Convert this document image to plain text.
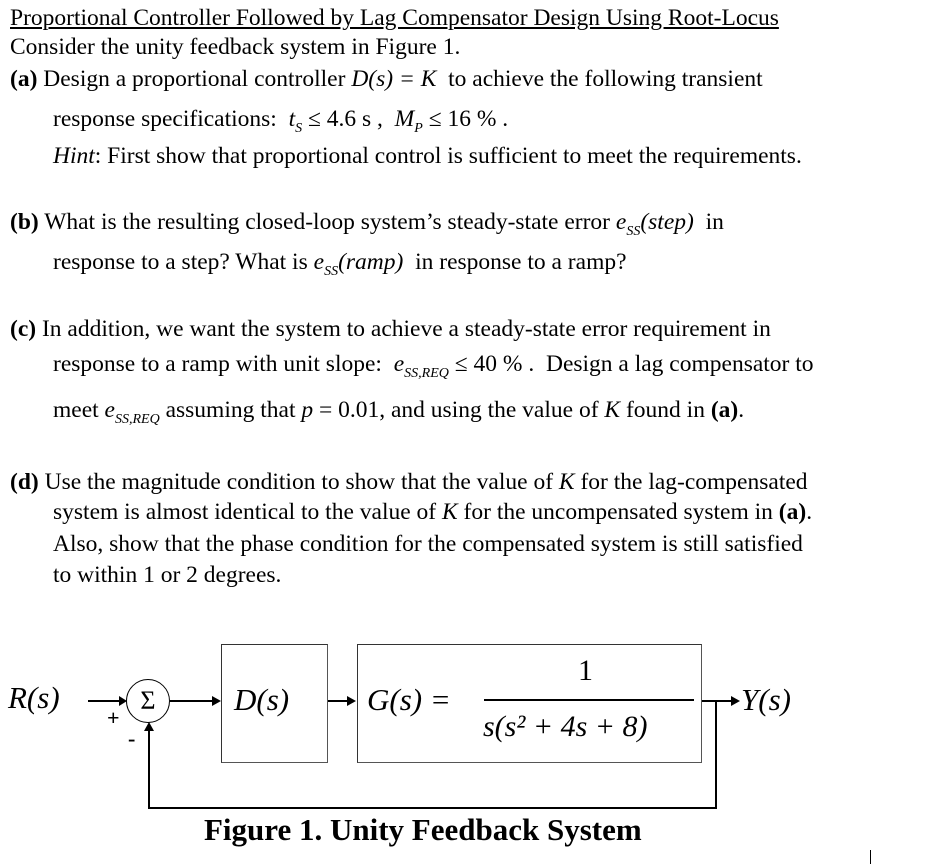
Proportional Controller Followed by Lag Compensator Design Using Root-Locus
Consider the unity feedback system in Figure 1.
(a) Design a proportional controller D(s) = K to achieve the following transient
response specifications: $t_S \le 4.6$ s , $M_P \le 16$ % .
Hint: First show that proportional control is sufficient to meet the requirements.
(b) What is the resulting closed-loop system’s steady-state error $e_{SS}(step)$ in
response to a step? What is $e_{SS}(ramp)$ in response to a ramp?
(c) In addition, we want the system to achieve a steady-state error requirement in
response to a ramp with unit slope: $e_{SS,REQ} \le 40$ % . Design a lag compensator to
meet $e_{SS,REQ}$ assuming that p = 0.01, and using the value of K found in (a).
(d) Use the magnitude condition to show that the value of K for the lag-compensated
system is almost identical to the value of K for the uncompensated system in (a).
Also, show that the phase condition for the compensated system is still satisfied
to within 1 or 2 degrees.
R(s)	Σ
+
-
D(s)	G(s) =
1
s(s² + 4s + 8)
Y(s)
Figure 1. Unity Feedback System
